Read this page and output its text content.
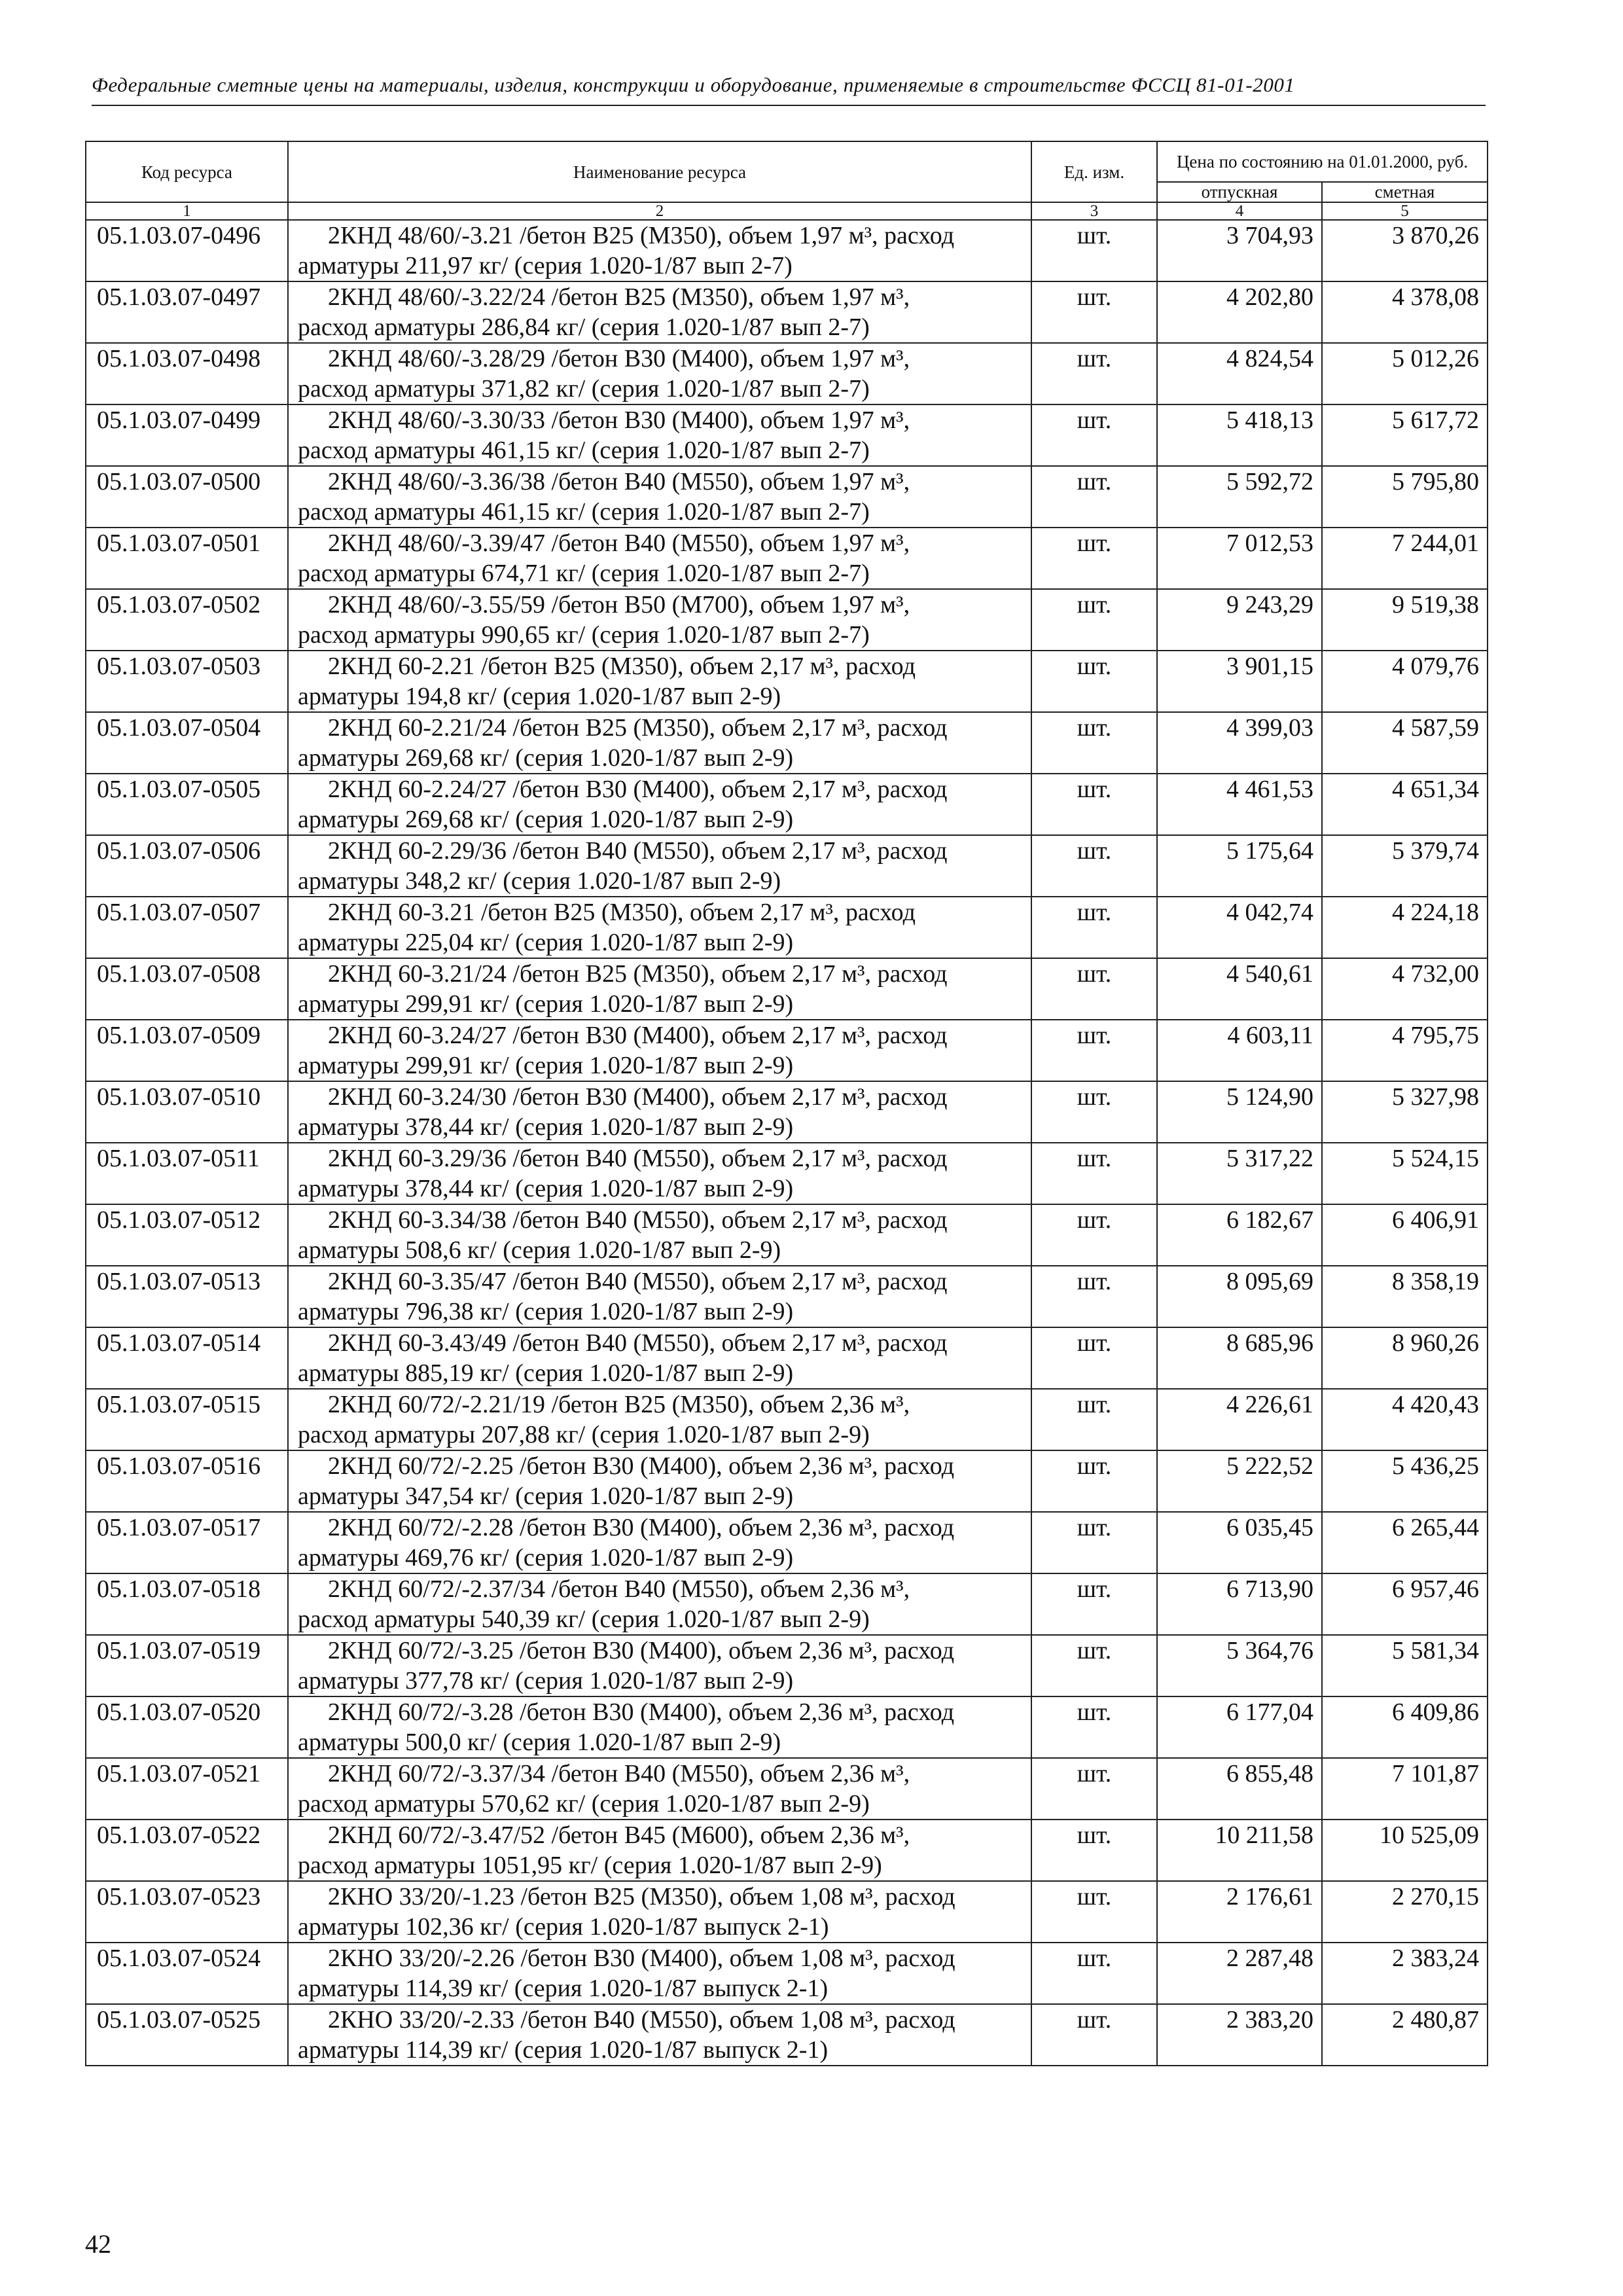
Федеральные сметные цены на материалы, изделия, конструкции и оборудование, применяемые в строительстве ФССЦ 81-01-2001
Код ресурса	Наименование ресурса	Ед. изм.	Цена по состоянию на 01.01.2000, руб.	
			отпускная	сметная
1	2	3	4	5
05.1.03.07-0496	2КНД 48/60/-3.21 /бетон В25 (М350), объем 1,97 м³, расход
арматуры 211,97 кг/ (серия 1.020-1/87 вып 2-7)	шт.	3 704,93	3 870,26
05.1.03.07-0497	2КНД 48/60/-3.22/24 /бетон В25 (М350), объем 1,97 м³,
расход арматуры 286,84 кг/ (серия 1.020-1/87 вып 2-7)	шт.	4 202,80	4 378,08
05.1.03.07-0498	2КНД 48/60/-3.28/29 /бетон В30 (М400), объем 1,97 м³,
расход арматуры 371,82 кг/ (серия 1.020-1/87 вып 2-7)	шт.	4 824,54	5 012,26
05.1.03.07-0499	2КНД 48/60/-3.30/33 /бетон В30 (М400), объем 1,97 м³,
расход арматуры 461,15 кг/ (серия 1.020-1/87 вып 2-7)	шт.	5 418,13	5 617,72
05.1.03.07-0500	2КНД 48/60/-3.36/38 /бетон В40 (М550), объем 1,97 м³,
расход арматуры 461,15 кг/ (серия 1.020-1/87 вып 2-7)	шт.	5 592,72	5 795,80
05.1.03.07-0501	2КНД 48/60/-3.39/47 /бетон В40 (М550), объем 1,97 м³,
расход арматуры 674,71 кг/ (серия 1.020-1/87 вып 2-7)	шт.	7 012,53	7 244,01
05.1.03.07-0502	2КНД 48/60/-3.55/59 /бетон В50 (М700), объем 1,97 м³,
расход арматуры 990,65 кг/ (серия 1.020-1/87 вып 2-7)	шт.	9 243,29	9 519,38
05.1.03.07-0503	2КНД 60-2.21 /бетон В25 (М350), объем 2,17 м³, расход
арматуры 194,8 кг/ (серия 1.020-1/87 вып 2-9)	шт.	3 901,15	4 079,76
05.1.03.07-0504	2КНД 60-2.21/24 /бетон В25 (М350), объем 2,17 м³, расход
арматуры 269,68 кг/ (серия 1.020-1/87 вып 2-9)	шт.	4 399,03	4 587,59
05.1.03.07-0505	2КНД 60-2.24/27 /бетон В30 (М400), объем 2,17 м³, расход
арматуры 269,68 кг/ (серия 1.020-1/87 вып 2-9)	шт.	4 461,53	4 651,34
05.1.03.07-0506	2КНД 60-2.29/36 /бетон В40 (М550), объем 2,17 м³, расход
арматуры 348,2 кг/ (серия 1.020-1/87 вып 2-9)	шт.	5 175,64	5 379,74
05.1.03.07-0507	2КНД 60-3.21 /бетон В25 (М350), объем 2,17 м³, расход
арматуры 225,04 кг/ (серия 1.020-1/87 вып 2-9)	шт.	4 042,74	4 224,18
05.1.03.07-0508	2КНД 60-3.21/24 /бетон В25 (М350), объем 2,17 м³, расход
арматуры 299,91 кг/ (серия 1.020-1/87 вып 2-9)	шт.	4 540,61	4 732,00
05.1.03.07-0509	2КНД 60-3.24/27 /бетон В30 (М400), объем 2,17 м³, расход
арматуры 299,91 кг/ (серия 1.020-1/87 вып 2-9)	шт.	4 603,11	4 795,75
05.1.03.07-0510	2КНД 60-3.24/30 /бетон В30 (М400), объем 2,17 м³, расход
арматуры 378,44 кг/ (серия 1.020-1/87 вып 2-9)	шт.	5 124,90	5 327,98
05.1.03.07-0511	2КНД 60-3.29/36 /бетон В40 (М550), объем 2,17 м³, расход
арматуры 378,44 кг/ (серия 1.020-1/87 вып 2-9)	шт.	5 317,22	5 524,15
05.1.03.07-0512	2КНД 60-3.34/38 /бетон В40 (М550), объем 2,17 м³, расход
арматуры 508,6 кг/ (серия 1.020-1/87 вып 2-9)	шт.	6 182,67	6 406,91
05.1.03.07-0513	2КНД 60-3.35/47 /бетон В40 (М550), объем 2,17 м³, расход
арматуры 796,38 кг/ (серия 1.020-1/87 вып 2-9)	шт.	8 095,69	8 358,19
05.1.03.07-0514	2КНД 60-3.43/49 /бетон В40 (М550), объем 2,17 м³, расход
арматуры 885,19 кг/ (серия 1.020-1/87 вып 2-9)	шт.	8 685,96	8 960,26
05.1.03.07-0515	2КНД 60/72/-2.21/19 /бетон В25 (М350), объем 2,36 м³,
расход арматуры 207,88 кг/ (серия 1.020-1/87 вып 2-9)	шт.	4 226,61	4 420,43
05.1.03.07-0516	2КНД 60/72/-2.25 /бетон В30 (М400), объем 2,36 м³, расход
арматуры 347,54 кг/ (серия 1.020-1/87 вып 2-9)	шт.	5 222,52	5 436,25
05.1.03.07-0517	2КНД 60/72/-2.28 /бетон В30 (М400), объем 2,36 м³, расход
арматуры 469,76 кг/ (серия 1.020-1/87 вып 2-9)	шт.	6 035,45	6 265,44
05.1.03.07-0518	2КНД 60/72/-2.37/34 /бетон В40 (М550), объем 2,36 м³,
расход арматуры 540,39 кг/ (серия 1.020-1/87 вып 2-9)	шт.	6 713,90	6 957,46
05.1.03.07-0519	2КНД 60/72/-3.25 /бетон В30 (М400), объем 2,36 м³, расход
арматуры 377,78 кг/ (серия 1.020-1/87 вып 2-9)	шт.	5 364,76	5 581,34
05.1.03.07-0520	2КНД 60/72/-3.28 /бетон В30 (М400), объем 2,36 м³, расход
арматуры 500,0 кг/ (серия 1.020-1/87 вып 2-9)	шт.	6 177,04	6 409,86
05.1.03.07-0521	2КНД 60/72/-3.37/34 /бетон В40 (М550), объем 2,36 м³,
расход арматуры 570,62 кг/ (серия 1.020-1/87 вып 2-9)	шт.	6 855,48	7 101,87
05.1.03.07-0522	2КНД 60/72/-3.47/52 /бетон В45 (М600), объем 2,36 м³,
расход арматуры 1051,95 кг/ (серия 1.020-1/87 вып 2-9)	шт.	10 211,58	10 525,09
05.1.03.07-0523	2КНО 33/20/-1.23 /бетон В25 (М350), объем 1,08 м³, расход
арматуры 102,36 кг/ (серия 1.020-1/87 выпуск 2-1)	шт.	2 176,61	2 270,15
05.1.03.07-0524	2КНО 33/20/-2.26 /бетон В30 (М400), объем 1,08 м³, расход
арматуры 114,39 кг/ (серия 1.020-1/87 выпуск 2-1)	шт.	2 287,48	2 383,24
05.1.03.07-0525	2КНО 33/20/-2.33 /бетон В40 (М550), объем 1,08 м³, расход
арматуры 114,39 кг/ (серия 1.020-1/87 выпуск 2-1)	шт.	2 383,20	2 480,87
42
